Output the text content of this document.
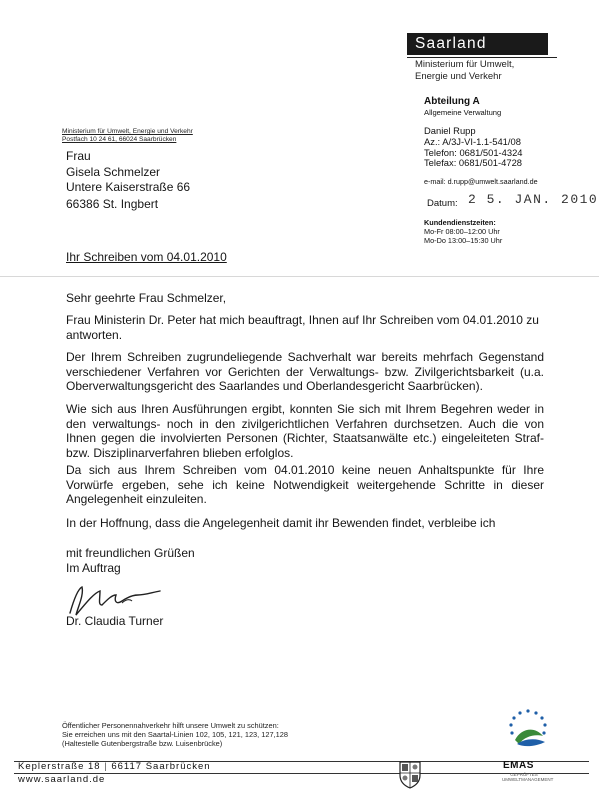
Saarland
Ministerium für Umwelt,
Energie und Verkehr
Ministerium für Umwelt, Energie und Verkehr
Postfach 10 24 61, 66024 Saarbrücken
Frau
Gisela Schmelzer
Untere Kaiserstraße 66
66386 St. Ingbert
Abteilung A
Allgemeine Verwaltung
Daniel Rupp
Az.: A/3J-VI-1.1-541/08
Telefon: 0681/501-4324
Telefax: 0681/501-4728
e-mail: d.rupp@umwelt.saarland.de
Datum: 2 5. JAN. 2010
Kundendienstzeiten:
Mo-Fr 08:00–12:00 Uhr
Mo-Do 13:00–15:30 Uhr
Ihr Schreiben vom 04.01.2010
Sehr geehrte Frau Schmelzer,
Frau Ministerin Dr. Peter hat mich beauftragt, Ihnen auf Ihr Schreiben vom 04.01.2010 zu antworten.
Der Ihrem Schreiben zugrundeliegende Sachverhalt war bereits mehrfach Gegenstand verschiedener Verfahren vor Gerichten der Verwaltungs- bzw. Zivilgerichtsbarkeit (u.a. Oberverwaltungsgericht des Saarlandes und Oberlandesgericht Saarbrücken).
Wie sich aus Ihren Ausführungen ergibt, konnten Sie sich mit Ihrem Begehren weder in den verwaltungs- noch in den zivilgerichtlichen Verfahren durchsetzen. Auch die von Ihnen gegen die involvierten Personen (Richter, Staatsanwälte etc.) eingeleiteten Straf- bzw. Disziplinarverfahren blieben erfolglos.
Da sich aus Ihrem Schreiben vom 04.01.2010 keine neuen Anhaltspunkte für Ihre Vorwürfe ergeben, sehe ich keine Notwendigkeit weitergehende Schritte in dieser Angelegenheit einzuleiten.
In der Hoffnung, dass die Angelegenheit damit ihr Bewenden findet, verbleibe ich
mit freundlichen Grüßen
Im Auftrag
Dr. Claudia Turner
Öffentlicher Personennahverkehr hilft unsere Umwelt zu schützen:
Sie erreichen uns mit den Saartal-Linien 102, 105, 121, 123, 127,128
(Haltestelle Gutenbergstraße bzw. Luisenbrücke)
Keplerstraße 18 | 66117 Saarbrücken
www.saarland.de
EMAS
GEPRÜFTES UMWELTMANAGEMENT
